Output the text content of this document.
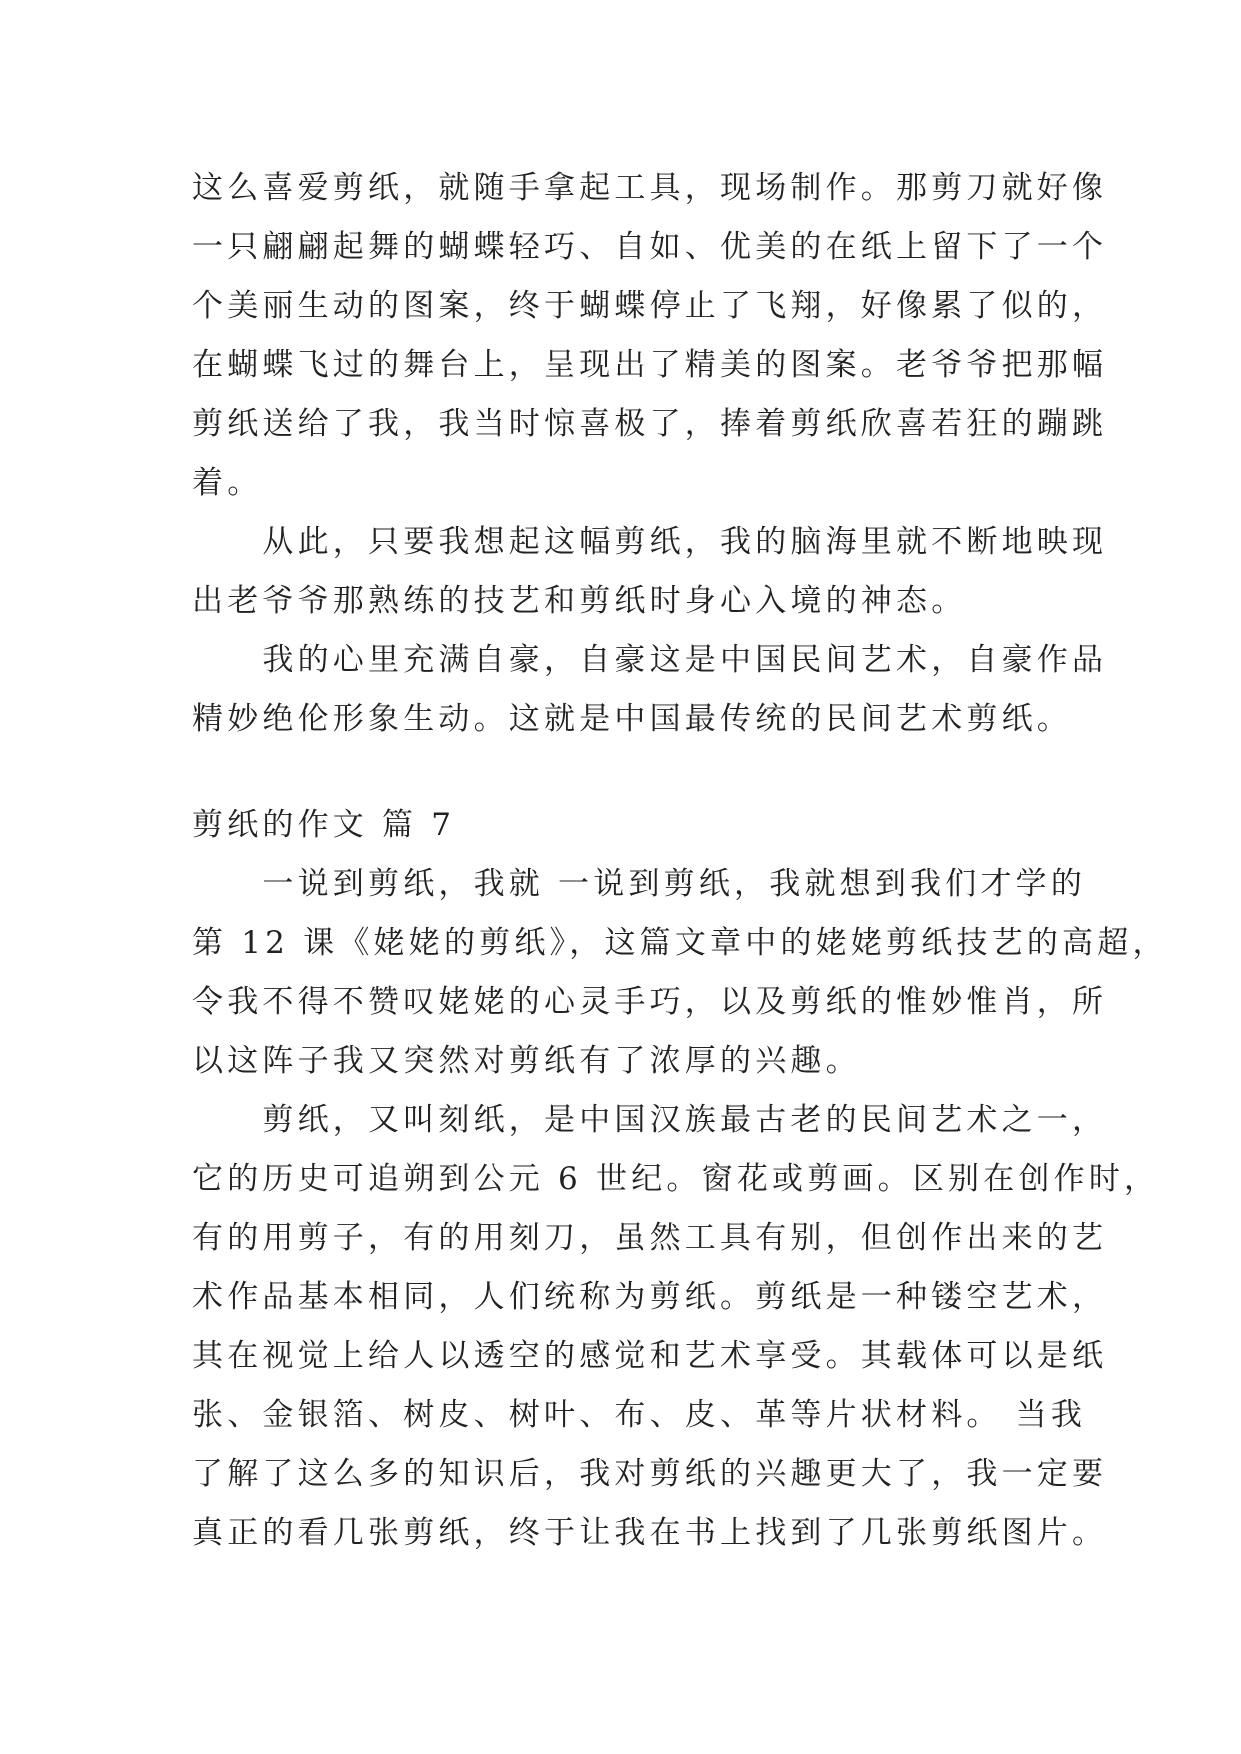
这么喜爱剪纸，就随手拿起工具，现场制作。那剪刀就好像
一只翩翩起舞的蝴蝶轻巧、自如、优美的在纸上留下了一个
个美丽生动的图案，终于蝴蝶停止了飞翔，好像累了似的，
在蝴蝶飞过的舞台上，呈现出了精美的图案。老爷爷把那幅
剪纸送给了我，我当时惊喜极了，捧着剪纸欣喜若狂的蹦跳
着。
　　从此，只要我想起这幅剪纸，我的脑海里就不断地映现
出老爷爷那熟练的技艺和剪纸时身心入境的神态。
　　我的心里充满自豪，自豪这是中国民间艺术，自豪作品
精妙绝伦形象生动。这就是中国最传统的民间艺术剪纸。
剪纸的作文 篇 7
　　一说到剪纸，我就 一说到剪纸，我就想到我们才学的
第 12 课《姥姥的剪纸》，这篇文章中的姥姥剪纸技艺的高超，
令我不得不赞叹姥姥的心灵手巧，以及剪纸的惟妙惟肖，所
以这阵子我又突然对剪纸有了浓厚的兴趣。
　　剪纸，又叫刻纸，是中国汉族最古老的民间艺术之一，
它的历史可追朔到公元 6 世纪。窗花或剪画。区别在创作时，
有的用剪子，有的用刻刀，虽然工具有别，但创作出来的艺
术作品基本相同，人们统称为剪纸。剪纸是一种镂空艺术，
其在视觉上给人以透空的感觉和艺术享受。其载体可以是纸
张、金银箔、树皮、树叶、布、皮、革等片状材料。 当我
了解了这么多的知识后，我对剪纸的兴趣更大了，我一定要
真正的看几张剪纸，终于让我在书上找到了几张剪纸图片。
